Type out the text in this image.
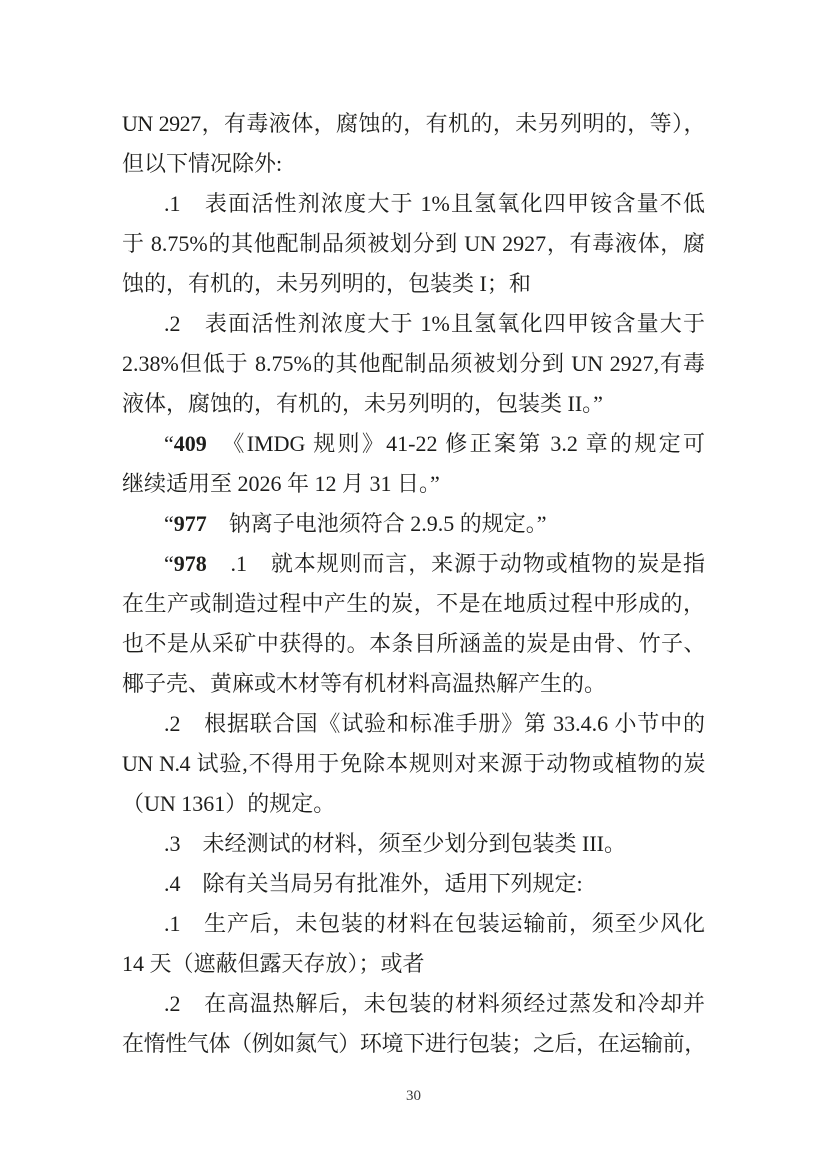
UN 2927，有毒液体，腐蚀的，有机的，未另列明的，等），
但以下情况除外:
.1　表面活性剂浓度大于 1%且氢氧化四甲铵含量不低
于 8.75%的其他配制品须被划分到 UN 2927，有毒液体，腐
蚀的，有机的，未另列明的，包装类 I；和
.2　表面活性剂浓度大于 1%且氢氧化四甲铵含量大于
2.38%但低于 8.75%的其他配制品须被划分到 UN 2927,有毒
液体，腐蚀的，有机的，未另列明的，包装类 II。”
“409　《IMDG 规则》41-22 修正案第 3.2 章的规定可
继续适用至 2026 年 12 月 31 日。”
“977　钠离子电池须符合 2.9.5 的规定。”
“978　.1　就本规则而言，来源于动物或植物的炭是指
在生产或制造过程中产生的炭，不是在地质过程中形成的，
也不是从采矿中获得的。本条目所涵盖的炭是由骨、竹子、
椰子壳、黄麻或木材等有机材料高温热解产生的。
.2　根据联合国《试验和标准手册》第 33.4.6 小节中的
UN N.4 试验,不得用于免除本规则对来源于动物或植物的炭
（UN 1361）的规定。
.3　未经测试的材料，须至少划分到包装类 III。
.4　除有关当局另有批准外，适用下列规定:
.1　生产后，未包装的材料在包装运输前，须至少风化
14 天（遮蔽但露天存放）；或者
.2　在高温热解后，未包装的材料须经过蒸发和冷却并
在惰性气体（例如氮气）环境下进行包装；之后，在运输前，
30
